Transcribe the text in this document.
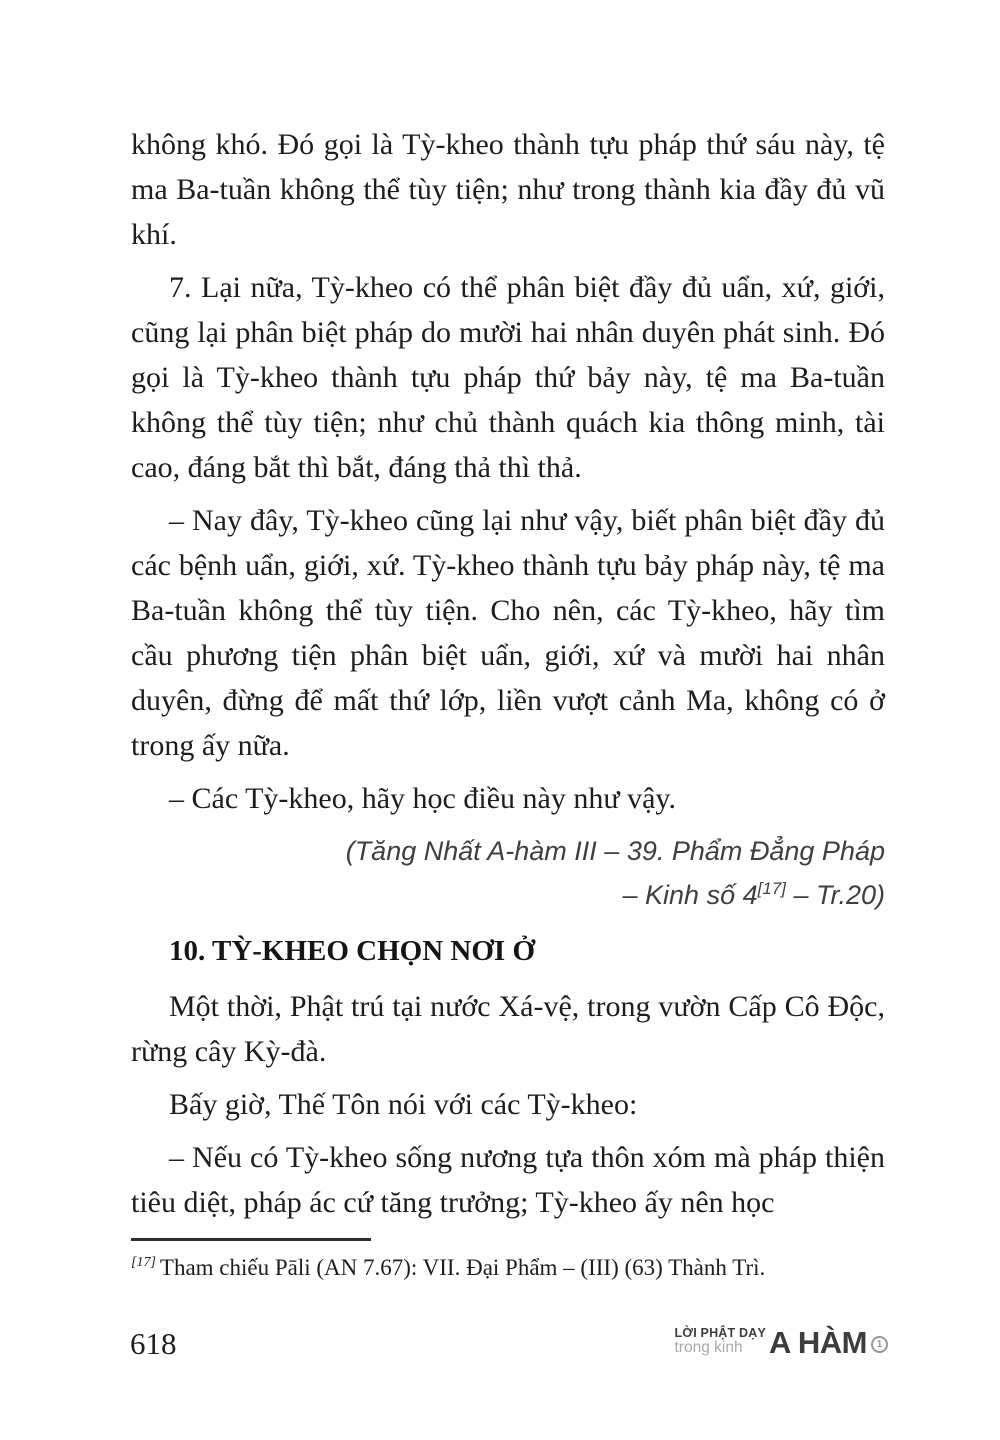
không khó. Đó gọi là Tỳ-kheo thành tựu pháp thứ sáu này, tệ ma Ba-tuần không thể tùy tiện; như trong thành kia đầy đủ vũ khí.

7. Lại nữa, Tỳ-kheo có thể phân biệt đầy đủ uẩn, xứ, giới, cũng lại phân biệt pháp do mười hai nhân duyên phát sinh. Đó gọi là Tỳ-kheo thành tựu pháp thứ bảy này, tệ ma Ba-tuần không thể tùy tiện; như chủ thành quách kia thông minh, tài cao, đáng bắt thì bắt, đáng thả thì thả.

– Nay đây, Tỳ-kheo cũng lại như vậy, biết phân biệt đầy đủ các bệnh uẩn, giới, xứ. Tỳ-kheo thành tựu bảy pháp này, tệ ma Ba-tuần không thể tùy tiện. Cho nên, các Tỳ-kheo, hãy tìm cầu phương tiện phân biệt uẩn, giới, xứ và mười hai nhân duyên, đừng để mất thứ lớp, liền vượt cảnh Ma, không có ở trong ấy nữa.

– Các Tỳ-kheo, hãy học điều này như vậy.

(Tăng Nhất A-hàm III – 39. Phẩm Đẳng Pháp
– Kinh số 4[17] – Tr.20)
10. TỲ-KHEO CHỌN NƠI Ở

Một thời, Phật trú tại nước Xá-vệ, trong vườn Cấp Cô Độc, rừng cây Kỳ-đà.

Bấy giờ, Thế Tôn nói với các Tỳ-kheo:

– Nếu có Tỳ-kheo sống nương tựa thôn xóm mà pháp thiện tiêu diệt, pháp ác cứ tăng trưởng; Tỳ-kheo ấy nên học

[17] Tham chiếu Pāli (AN 7.67): VII. Đại Phẩm – (III) (63) Thành Trì.

618	LỜI PHẬT DẠY
trong kinh A HÀM 1
